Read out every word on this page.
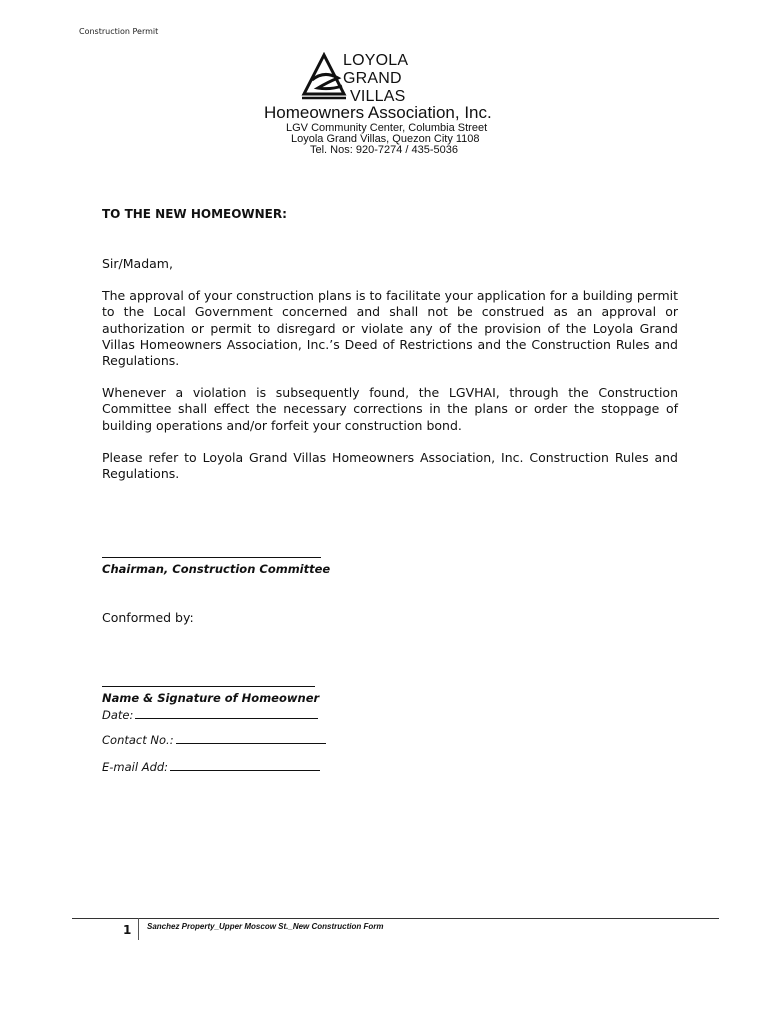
Construction Permit
LOYOLA
GRAND
VILLAS
Homeowners Association, Inc.
LGV Community Center, Columbia Street
Loyola Grand Villas, Quezon City 1108
Tel. Nos: 920-7274 / 435-5036
TO THE NEW HOMEOWNER:
Sir/Madam,
The approval of your construction plans is to facilitate your application for a building permit to the Local Government concerned and shall not be construed as an approval or authorization or permit to disregard or violate any of the provision of the Loyola Grand Villas Homeowners Association, Inc.’s Deed of Restrictions and the Construction Rules and Regulations.
Whenever a violation is subsequently found, the LGVHAI, through the Construction Committee shall effect the necessary corrections in the plans or order the stoppage of building operations and/or forfeit your construction bond.
Please refer to Loyola Grand Villas Homeowners Association, Inc. Construction Rules and Regulations.
Chairman, Construction Committee
Conformed by:
Name & Signature of Homeowner
Date:
Contact No.:
E-mail Add:
1 Sanchez Property_Upper Moscow St._New Construction Form
